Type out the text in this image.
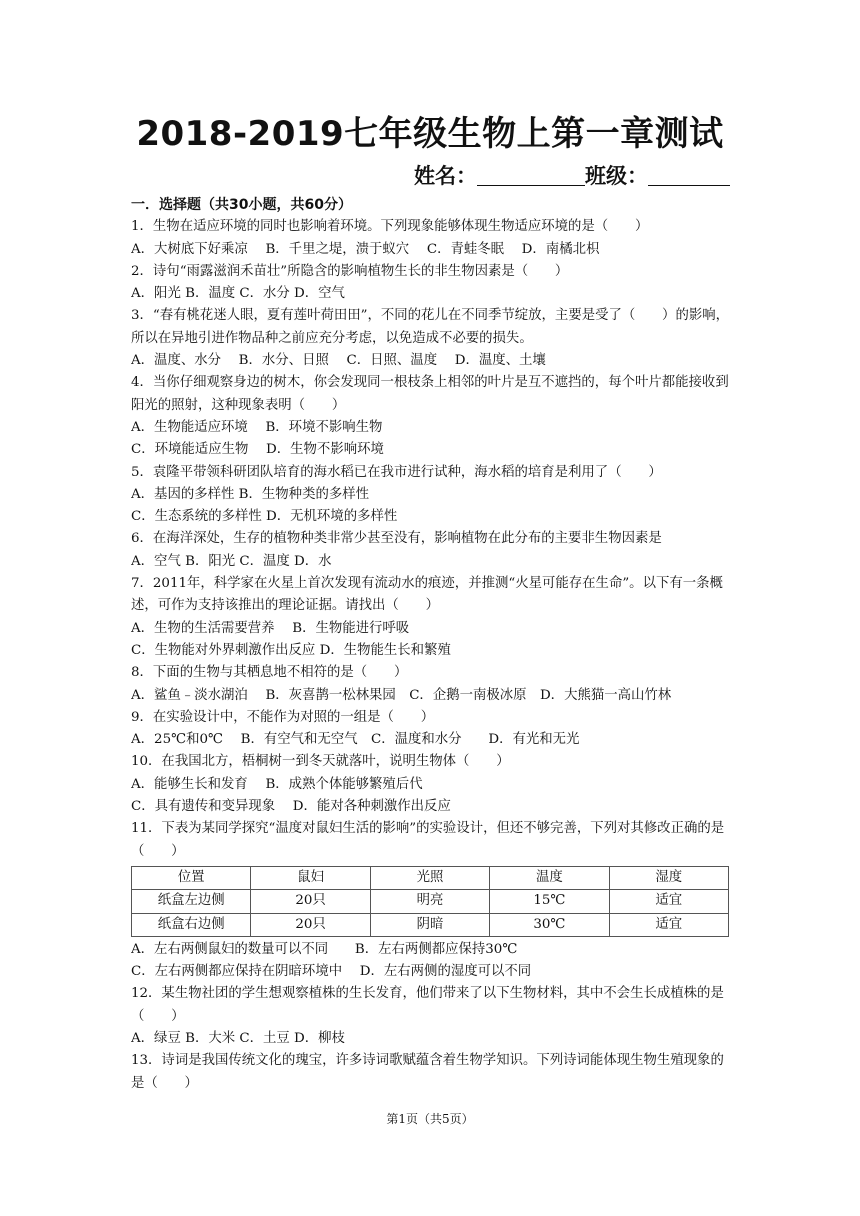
2018-2019七年级生物上第一章测试
姓名：	班级：
一．选择题（共30小题，共60分）
1．生物在适应环境的同时也影响着环境。下列现象能够体现生物适应环境的是（　　）
A．大树底下好乘凉　 B．千里之堤，溃于蚁穴　 C．青蛙冬眠　 D．南橘北枳
2．诗句“雨露滋润禾苗壮”所隐含的影响植物生长的非生物因素是（　　）
A．阳光 B．温度 C．水分 D．空气
3．“春有桃花迷人眼，夏有莲叶荷田田”，不同的花儿在不同季节绽放，主要是受了（　　）的影响，所以在异地引进作物品种之前应充分考虑，以免造成不必要的损失。
A．温度、水分　 B．水分、日照　 C．日照、温度　 D．温度、土壤
4．当你仔细观察身边的树木，你会发现同一根枝条上相邻的叶片是互不遮挡的，每个叶片都能接收到阳光的照射，这种现象表明（　　）
A．生物能适应环境　 B．环境不影响生物
C．环境能适应生物　 D．生物不影响环境
5．袁隆平带领科研团队培育的海水稻已在我市进行试种，海水稻的培育是利用了（　　）
A．基因的多样性 B．生物种类的多样性
C．生态系统的多样性 D．无机环境的多样性
6．在海洋深处，生存的植物种类非常少甚至没有，影响植物在此分布的主要非生物因素是
A．空气 B．阳光 C．温度 D．水
7．2011年，科学家在火星上首次发现有流动水的痕迹，并推测“火星可能存在生命”。以下有一条概述，可作为支持该推出的理论证据。请找出（　　）
A．生物的生活需要营养　 B．生物能进行呼吸
C．生物能对外界刺激作出反应 D．生物能生长和繁殖
8．下面的生物与其栖息地不相符的是（　　）
A．鲨鱼﹣淡水湖泊　 B．灰喜鹊一松林果园　C．企鹅一南极冰原　D．大熊猫一高山竹林
9．在实验设计中，不能作为对照的一组是（　　）
A．25℃和0℃　 B．有空气和无空气　C．温度和水分　　D．有光和无光
10．在我国北方，梧桐树一到冬天就落叶，说明生物体（　　）
A．能够生长和发育　 B．成熟个体能够繁殖后代
C．具有遗传和变异现象　 D．能对各种刺激作出反应
11．下表为某同学探究“温度对鼠妇生活的影响”的实验设计，但还不够完善，下列对其修改正确的是（　　）
位置	鼠妇	光照	温度	湿度
纸盒左边侧	20只	明亮	15℃	适宜
纸盒右边侧	20只	阴暗	30℃	适宜
A．左右两侧鼠妇的数量可以不同　　B．左右两侧都应保持30℃
C．左右两侧都应保持在阴暗环境中　 D．左右两侧的湿度可以不同
12．某生物社团的学生想观察植株的生长发育，他们带来了以下生物材料，其中不会生长成植株的是（　　）
A．绿豆 B．大米 C．土豆 D．柳枝
13．诗词是我国传统文化的瑰宝，许多诗词歌赋蕴含着生物学知识。下列诗词能体现生物生殖现象的是（　　）
第1页（共5页）
